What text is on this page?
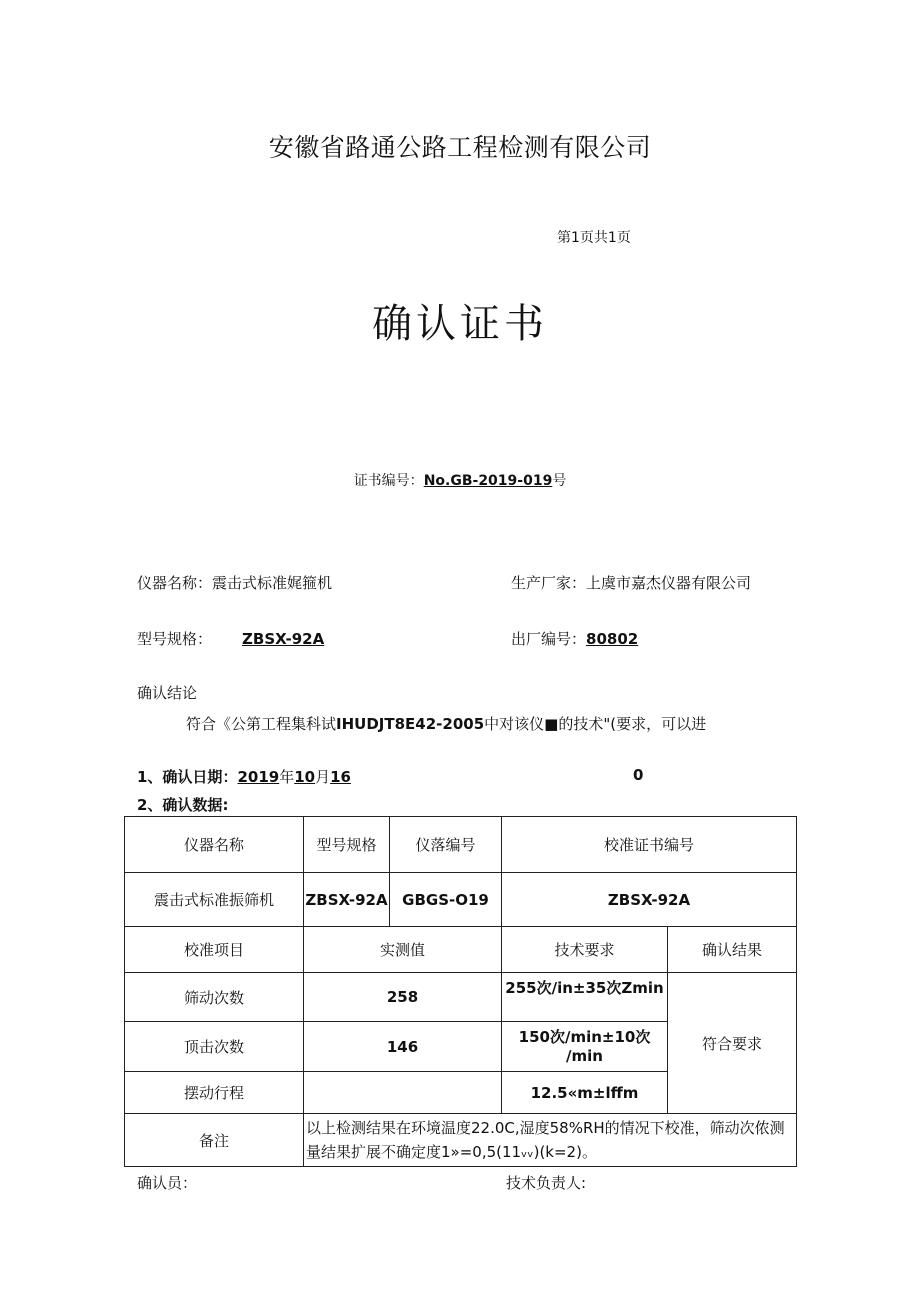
安徽省路通公路工程检测有限公司
第1页共1页
确认证书
证书编号：No.GB-2019-019号
仪器名称：震击式标准娓箍机	生产厂家：上虞市嘉杰仪器有限公司
型号规格： ZBSX-92A	出厂编号：80802
确认结论
符合《公第工程集科试IHUDJT8E42-2005中对该仪■的技术"(要求，可以进
1、确认日期：2019年10月16	0
2、确认数据:
仪器名称	型号规格	仪落编号	校准证书编号	
震击式标准振筛机	ZBSX-92A	GBGS-O19	ZBSX-92A	
校准项目	实测值		技术要求	确认结果
筛动次数	258		255次∕in±35次Zmin	符合要求
顶击次数	146		150次∕min±10次∕min	
摆动行程			12.5«m±lffm	
备注	以上检测结果在环境温度22.0C,湿度58%RH的情况下校准，筛动次侬测
量结果扩展不确定度1»=0,5(11ᵥᵥ)(k=2)。			
确认员：	技术负责人:
